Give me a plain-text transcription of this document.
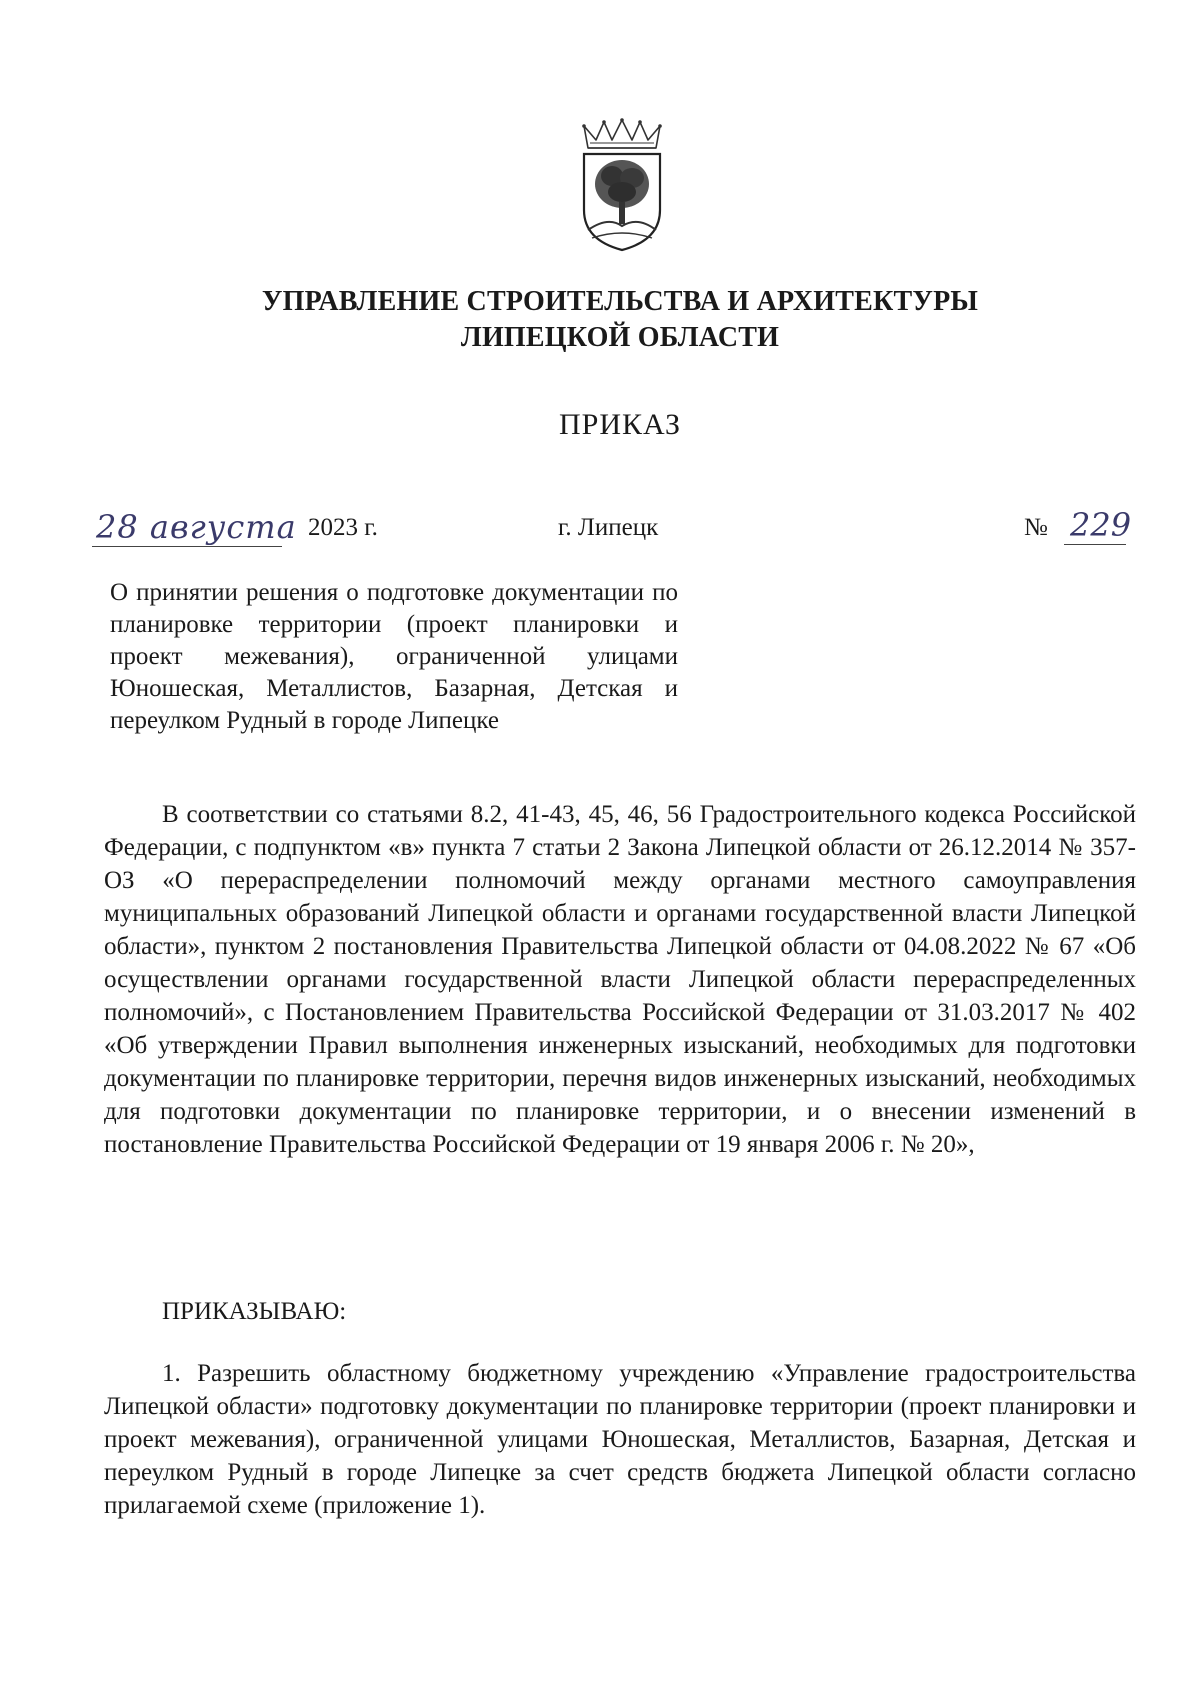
УПРАВЛЕНИЕ СТРОИТЕЛЬСТВА И АРХИТЕКТУРЫ
ЛИПЕЦКОЙ ОБЛАСТИ
ПРИКАЗ
28 августа 2023 г.	г. Липецк	№ 229
О принятии решения о подготовке документации по планировке территории (проект планировки и проект межевания), ограниченной улицами Юношеская, Металлистов, Базарная, Детская и переулком Рудный в городе Липецке
В соответствии со статьями 8.2, 41-43, 45, 46, 56 Градостроительного кодекса Российской Федерации, с подпунктом «в» пункта 7 статьи 2 Закона Липецкой области от 26.12.2014 № 357-ОЗ «О перераспределении полномочий между органами местного самоуправления муниципальных образований Липецкой области и органами государственной власти Липецкой области», пунктом 2 постановления Правительства Липецкой области от 04.08.2022 № 67 «Об осуществлении органами государственной власти Липецкой области перераспределенных полномочий», с Постановлением Правительства Российской Федерации от 31.03.2017 № 402 «Об утверждении Правил выполнения инженерных изысканий, необходимых для подготовки документации по планировке территории, перечня видов инженерных изысканий, необходимых для подготовки документации по планировке территории, и о внесении изменений в постановление Правительства Российской Федерации от 19 января 2006 г. № 20»,
ПРИКАЗЫВАЮ:
1. Разрешить областному бюджетному учреждению «Управление градостроительства Липецкой области» подготовку документации по планировке территории (проект планировки и проект межевания), ограниченной улицами Юношеская, Металлистов, Базарная, Детская и переулком Рудный в городе Липецке за счет средств бюджета Липецкой области согласно прилагаемой схеме (приложение 1).
